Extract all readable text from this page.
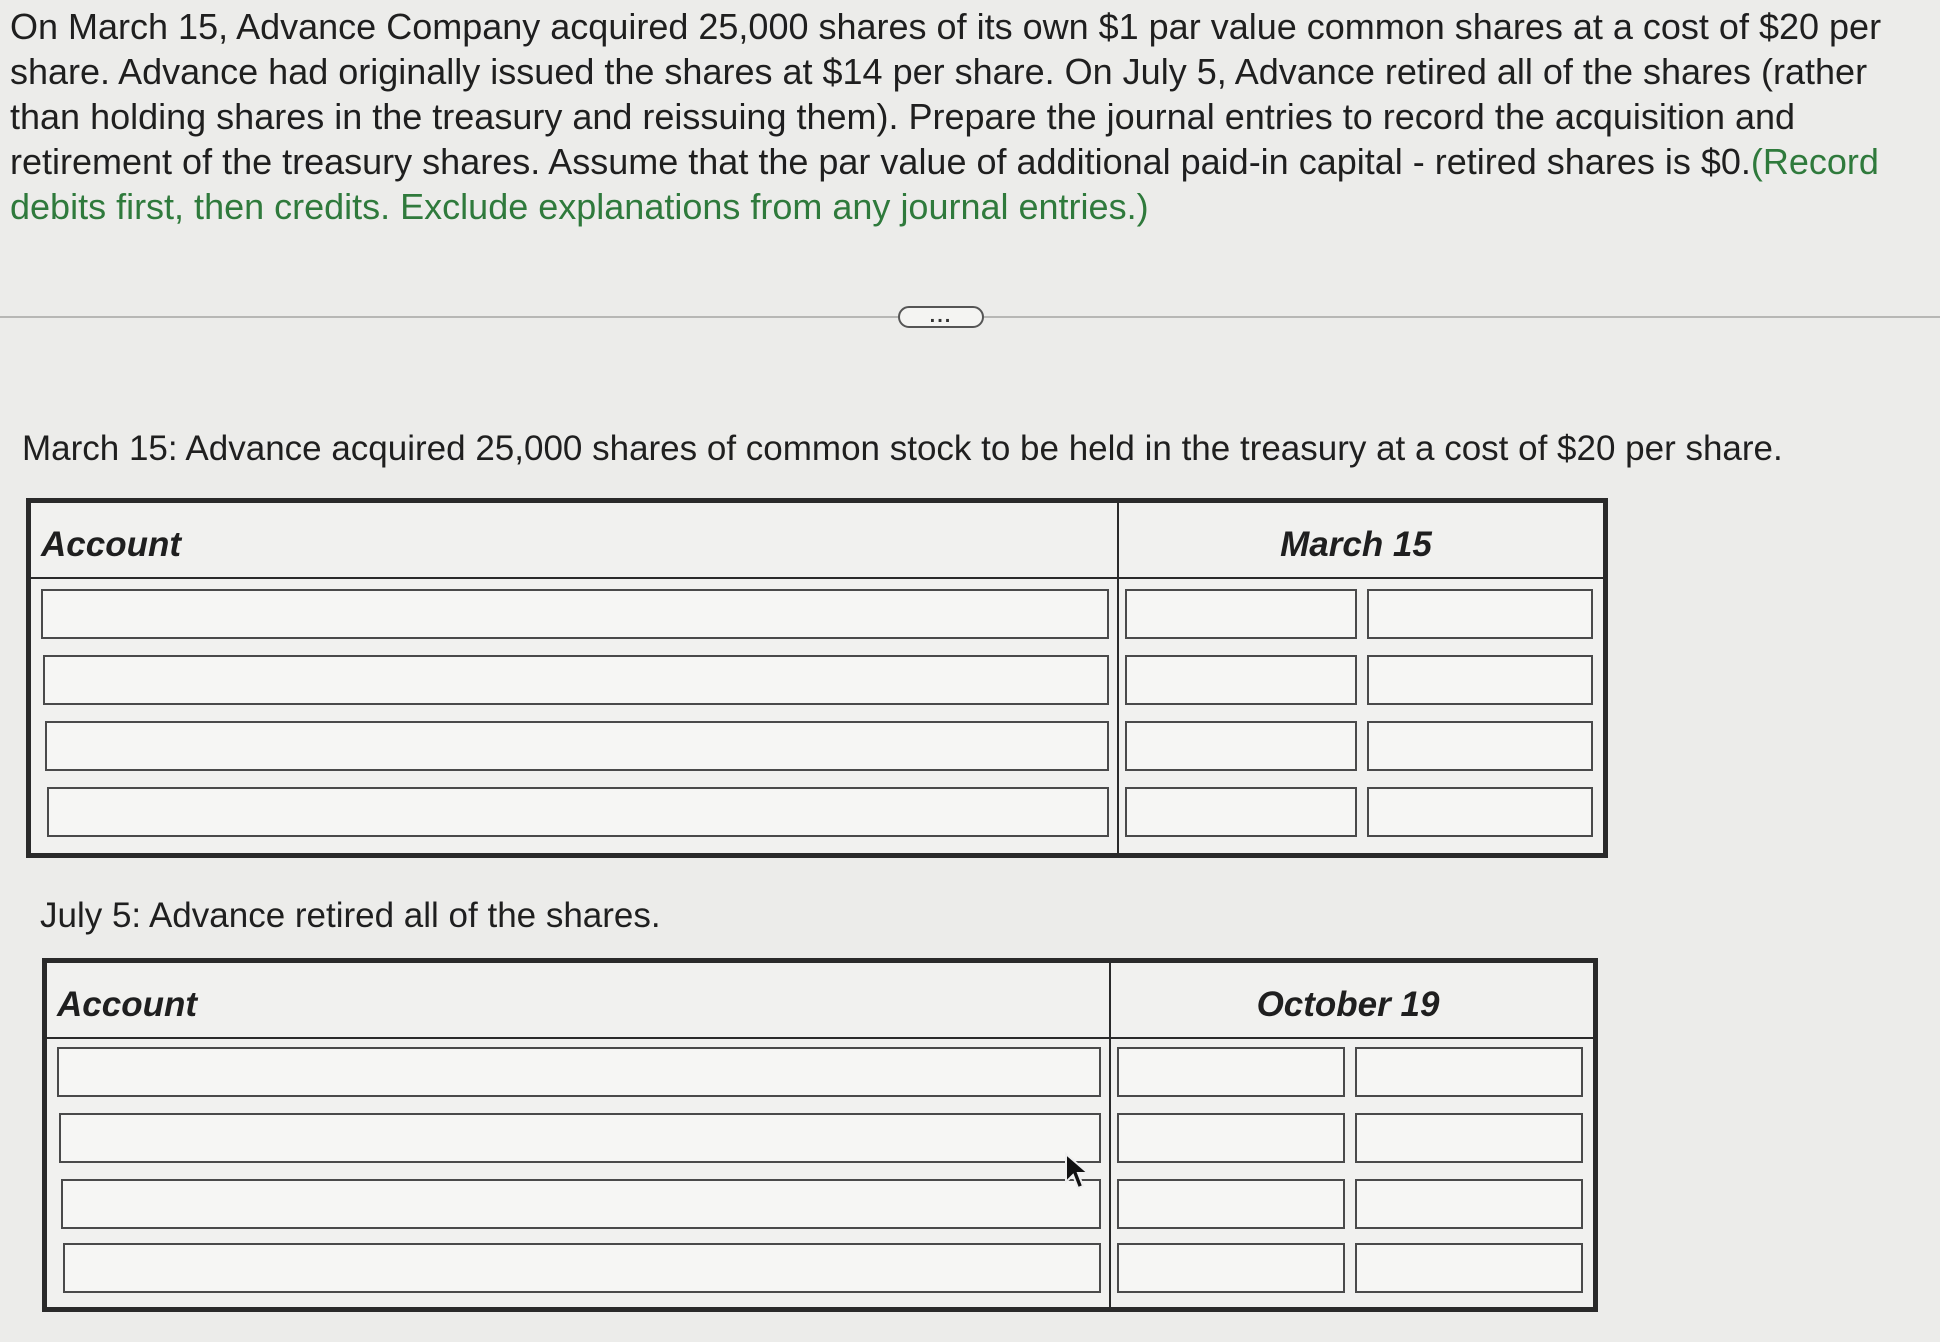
On March 15, Advance Company acquired 25,000 shares of its own $1 par value common shares at a cost of $20 per share. Advance had originally issued the shares at $14 per share. On July 5, Advance retired all of the shares (rather than holding shares in the treasury and reissuing them). Prepare the journal entries to record the acquisition and retirement of the treasury shares. Assume that the par value of additional paid-in capital - retired shares is $0.(Record debits first, then credits. Exclude explanations from any journal entries.)
...
March 15: Advance acquired 25,000 shares of common stock to be held in the treasury at a cost of $20 per share.
Account	March 15
July 5: Advance retired all of the shares.
Account	October 19
